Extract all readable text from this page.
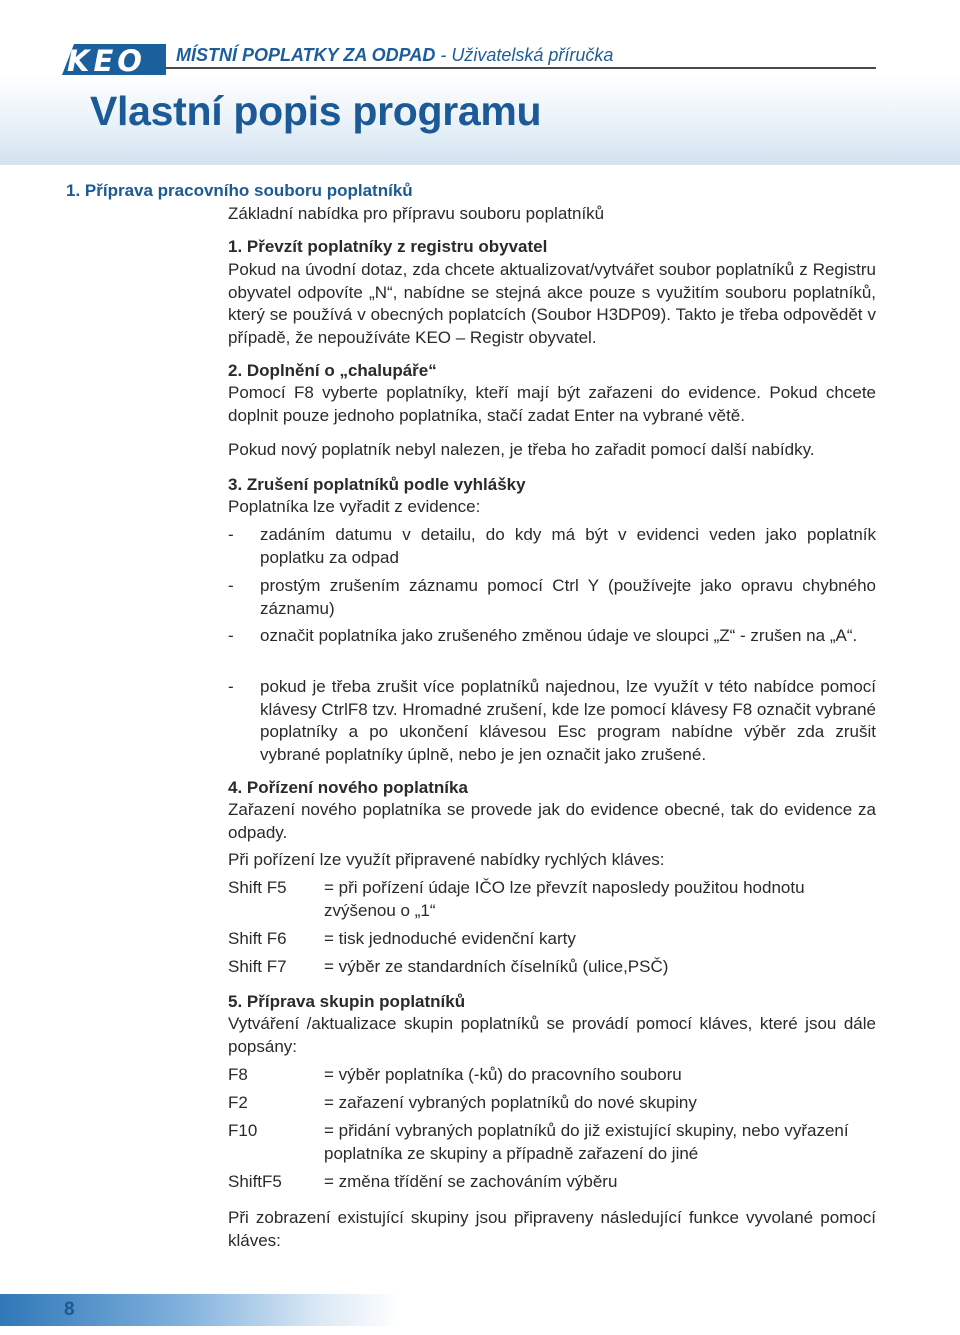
KEO MÍSTNÍ POPLATKY ZA ODPAD - Uživatelská příručka
Vlastní popis programu
1. Příprava pracovního souboru poplatníků
Základní nabídka pro přípravu souboru poplatníků
1. Převzít poplatníky z registru obyvatel
Pokud na úvodní dotaz, zda chcete aktualizovat/vytvářet soubor poplatníků z Registru obyvatel odpovíte „N“, nabídne se stejná akce pouze s využitím souboru poplatníků, který se používá v obecných poplatcích (Soubor H3DP09). Takto je třeba odpovědět v případě, že nepoužíváte KEO – Registr obyvatel.
2. Doplnění o „chalupáře“
Pomocí F8 vyberte poplatníky, kteří mají být zařazeni do evidence. Pokud chcete doplnit pouze jednoho poplatníka, stačí zadat Enter na vybrané větě.
Pokud nový poplatník nebyl nalezen, je třeba ho zařadit pomocí další nabídky.
3. Zrušení poplatníků podle vyhlášky
Poplatníka lze vyřadit z evidence:
- zadáním datumu v detailu, do kdy má být v evidenci veden jako poplatník poplatku za odpad
- prostým zrušením záznamu pomocí Ctrl Y (používejte jako opravu chybného záznamu)
- označit poplatníka jako zrušeného změnou údaje ve sloupci „Z“ - zrušen na „A“.
- pokud je třeba zrušit více poplatníků najednou, lze využít v této nabídce pomocí klávesy CtrlF8 tzv. Hromadné zrušení, kde lze pomocí klávesy F8 označit vybrané poplatníky a po ukončení klávesou Esc program nabídne výběr zda zrušit vybrané poplatníky úplně, nebo je jen označit jako zrušené.
4. Pořízení nového poplatníka
Zařazení nového poplatníka se provede jak do evidence obecné, tak do evidence za odpady.
Při pořízení lze využít připravené nabídky rychlých kláves:
Shift F5 = při pořízení údaje IČO lze převzít naposledy použitou hodnotu zvýšenou o „1“
Shift F6 = tisk jednoduché evidenční karty
Shift F7 = výběr ze standardních číselníků (ulice,PSČ)
5. Příprava skupin poplatníků
Vytváření /aktualizace skupin poplatníků se provádí pomocí kláves, které jsou dále popsány:
F8	= výběr poplatníka (-ků) do pracovního souboru
F2	= zařazení vybraných poplatníků do nové skupiny
F10	= přidání vybraných poplatníků do již existující skupiny, nebo vyřazení poplatníka ze skupiny a případně zařazení do jiné
ShiftF5 = změna třídění se zachováním výběru
Při zobrazení existující skupiny jsou připraveny následující funkce vyvolané pomocí kláves:
8
